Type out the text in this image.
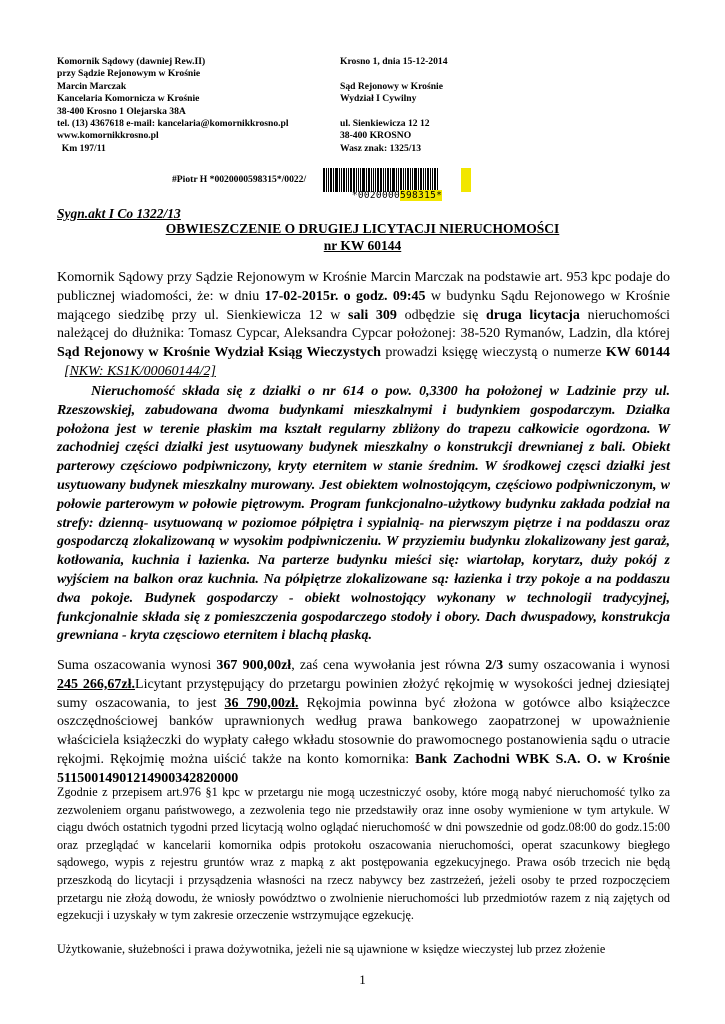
Komornik Sądowy (dawniej Rew.II)
przy Sądzie Rejonowym w Krośnie
Marcin Marczak
Kancelaria Komornicza w Krośnie
38-400 Krosno 1 Olejarska 38A
tel. (13) 4367618 e-mail: kancelaria@komornikkrosno.pl
www.komornikkrosno.pl
Km 197/11
Krosno 1, dnia 15-12-2014

Sąd Rejonowy w Krośnie
Wydział I Cywilny

ul. Sienkiewicza 12 12
38-400 KROSNO
Wasz znak: 1325/13
#Piotr H *0020000598315*/0022/
*0020000598315*
Sygn.akt I Co 1322/13
OBWIESZCZENIE O DRUGIEJ LICYTACJI NIERUCHOMOŚCI
nr KW 60144
Komornik Sądowy przy Sądzie Rejonowym w Krośnie Marcin Marczak na podstawie art. 953 kpc podaje do publicznej wiadomości, że: w dniu 17-02-2015r. o godz. 09:45 w budynku Sądu Rejonowego w Krośnie mającego siedzibę przy ul. Sienkiewicza 12 w sali 309 odbędzie się druga licytacja nieruchomości należącej do dłużnika: Tomasz Cypcar, Aleksandra Cypcar położonej: 38-520 Rymanów, Ladzin, dla której Sąd Rejonowy w Krośnie Wydział Ksiąg Wieczystych prowadzi księgę wieczystą o numerze KW 60144  [NKW: KS1K/00060144/2]
Nieruchomość składa się z działki o nr 614 o pow. 0,3300 ha położonej w Ladzinie przy ul. Rzeszowskiej, zabudowana dwoma budynkami mieszkalnymi i budynkiem gospodarczym. Działka położona jest w terenie płaskim ma kształt regularny zbliżony do trapezu całkowicie ogordzona. W zachodniej części działki jest usytuowany budynek mieszkalny o konstrukcji drewnianej z bali. Obiekt parterowy częściowo podpiwniczony, kryty eternitem w stanie średnim. W środkowej częsci działki jest usytuowany budynek mieszkalny murowany. Jest obiektem wolnostojącym, częściowo podpiwniczonym, w połowie parterowym w połowie piętrowym. Program funkcjonalno-użytkowy budynku zakłada podział na strefy: dzienną- usytuowaną w poziomoe półpiętra i sypialnią- na pierwszym piętrze i na poddaszu oraz gospodarczą zlokalizowaną w wysokim podpiwniczeniu. W przyziemiu budynku zlokalizowany jest garaż, kotłowania, kuchnia i łazienka. Na parterze budynku mieści się: wiartołap, korytarz, duży pokój z wyjściem na balkon oraz kuchnia. Na półpiętrze zlokalizowane są: łazienka i trzy pokoje a na poddaszu dwa pokoje. Budynek gospodarczy - obiekt wolnostojący wykonany w technologii tradycyjnej, funkcjonalnie składa się z pomieszczenia gospodarczego stodoły i obory. Dach dwuspadowy, konstrukcja grewniana - kryta częsciowo eternitem i blachą płaską.
Suma oszacowania wynosi 367 900,00zł, zaś cena wywołania jest równa 2/3 sumy oszacowania i wynosi 245 266,67zł.Licytant przystępujący do przetargu powinien złożyć rękojmię w wysokości jednej dziesiątej sumy oszacowania, to jest 36 790,00zł. Rękojmia powinna być złożona w gotówce albo książeczce oszczędnościowej banków uprawnionych według prawa bankowego zaopatrzonej w upoważnienie właściciela książeczki do wypłaty całego wkładu stosownie do prawomocnego postanowienia sądu o utracie rękojmi. Rękojmię można uiścić także na konto komornika: Bank Zachodni WBK S.A. O. w Krośnie 51150014901214900342820000
Zgodnie z przepisem art.976 §1 kpc w przetargu nie mogą uczestniczyć osoby, które mogą nabyć nieruchomość tylko za zezwoleniem organu państwowego, a zezwolenia tego nie przedstawiły oraz inne osoby wymienione w tym artykule. W ciągu dwóch ostatnich tygodni przed licytacją wolno oglądać nieruchomość w dni powszednie od godz.08:00 do godz.15:00 oraz przeglądać w kancelarii komornika odpis protokołu oszacowania nieruchomości, operat szacunkowy biegłego sądowego, wypis z rejestru gruntów wraz z mapką z akt postępowania egzekucyjnego. Prawa osób trzecich nie będą przeszkodą do licytacji i przysądzenia własności na rzecz nabywcy bez zastrzeżeń, jeżeli osoby te przed rozpoczęciem przetargu nie złożą dowodu, że wniosły powództwo o zwolnienie nieruchomości lub przedmiotów razem z nią zajętych od egzekucji i uzyskały w tym zakresie orzeczenie wstrzymujące egzekucję.
Użytkowanie, służebności i prawa dożywotnika, jeżeli nie są ujawnione w księdze wieczystej lub przez złożenie
1
